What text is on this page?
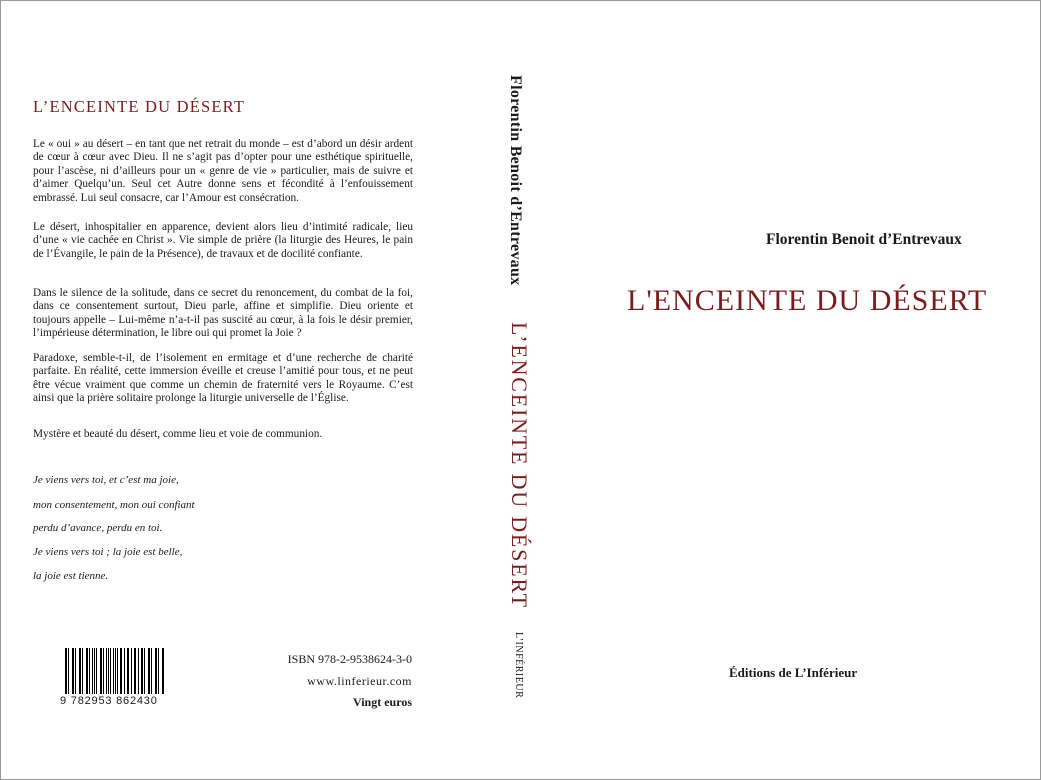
L’ENCEINTE DU DÉSERT

Le « oui » au désert – en tant que net retrait du monde – est d’abord un désir ardent de cœur à cœur avec Dieu. Il ne s’agit pas d’opter pour une esthétique spirituelle, pour l’ascèse, ni d’ailleurs pour un « genre de vie » particulier, mais de suivre et d’aimer Quelqu’un. Seul cet Autre donne sens et fécondité à l’enfouissement embrassé. Lui seul consacre, car l’Amour est consécration.

Le désert, inhospitalier en apparence, devient alors lieu d’intimité radicale, lieu d’une « vie cachée en Christ ». Vie simple de prière (la liturgie des Heures, le pain de l’Évangile, le pain de la Présence), de travaux et de docilité confiante.

Dans le silence de la solitude, dans ce secret du renoncement, du combat de la foi, dans ce consentement surtout, Dieu parle, affine et simplifie. Dieu oriente et toujours appelle – Lui-même n’a-t-il pas suscité au cœur, à la fois le désir premier, l’impérieuse détermination, le libre oui qui promet la Joie ?

Paradoxe, semble-t-il, de l’isolement en ermitage et d’une recherche de charité parfaite. En réalité, cette immersion éveille et creuse l’amitié pour tous, et ne peut être vécue vraiment que comme un chemin de fraternité vers le Royaume. C’est ainsi que la prière solitaire prolonge la liturgie universelle de l’Église.

Mystère et beauté du désert, comme lieu et voie de communion.

Je viens vers toi, et c’est ma joie,

mon consentement, mon oui confiant

perdu d’avance, perdu en toi.

Je viens vers toi ; la joie est belle,

la joie est tienne.

9 782953 862430
ISBN 978-2-9538624-3-0
www.linferieur.com
Vingt euros
Florentin Benoit d’Entrevaux
L’ENCEINTE DU DÉSERT
L’INFÉRIEUR
Florentin Benoit d’Entrevaux
L'ENCEINTE DU DÉSERT
Éditions de L’Inférieur
